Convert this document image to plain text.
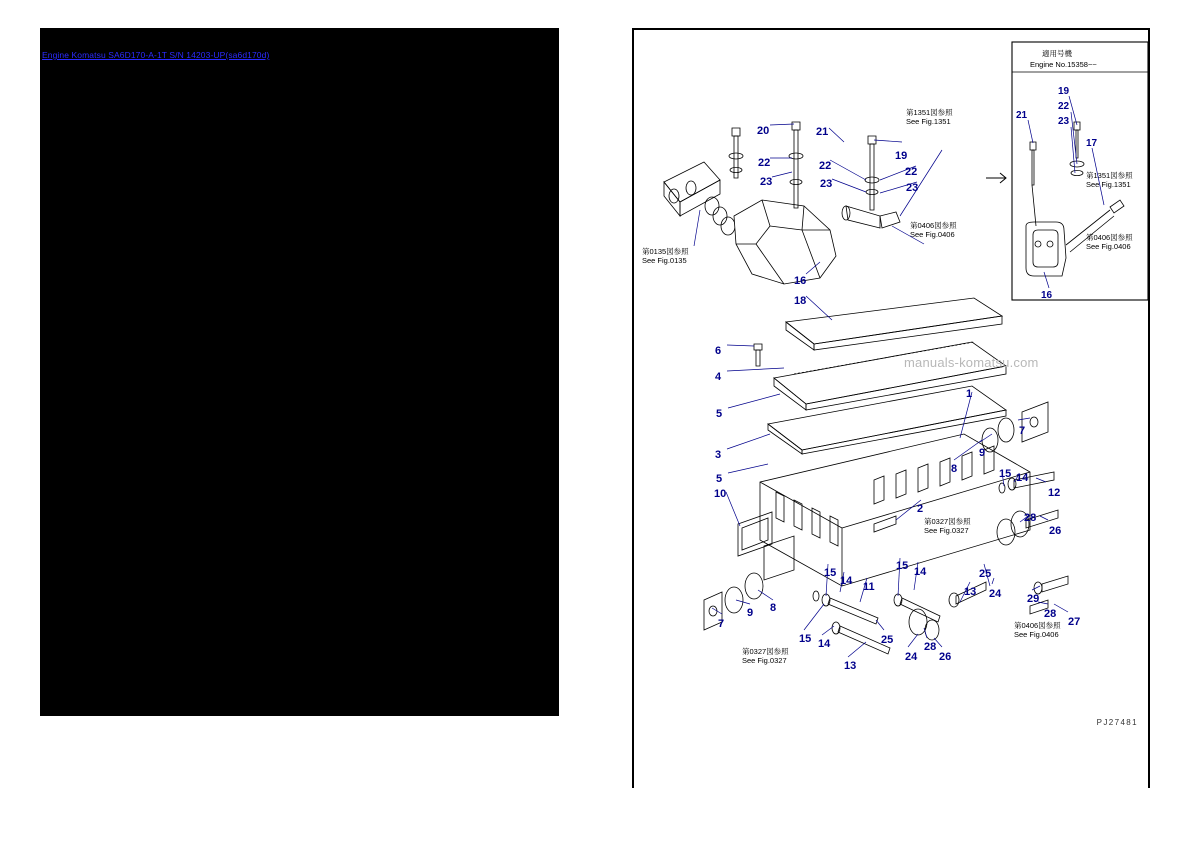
Engine Komatsu SA6D170-A-1T S/N 14203-UP(sa6d170d)	適用号機
Engine No.15358~~
第1351図参照
See Fig.1351
第0406図参照
See Fig.0406
19
22
23
21
17
16
第0135図参照
See Fig.0135
第1351図参照
See Fig.1351
第0406図参照
See Fig.0406
第0327図参照
See Fig.0327
第0327図参照
See Fig.0327
第0406図参照
See Fig.0406
20	21
22
23
22
23
19
22
23
16
18
6
4
5
3
5
10
1
7
9
8	15 14
12
28
26
2
25
24
13
29
28
27
15 14
15
14 11
7
9 8
15 14	25
13
24
28
26
manuals-komatsu.com
PJ27481
